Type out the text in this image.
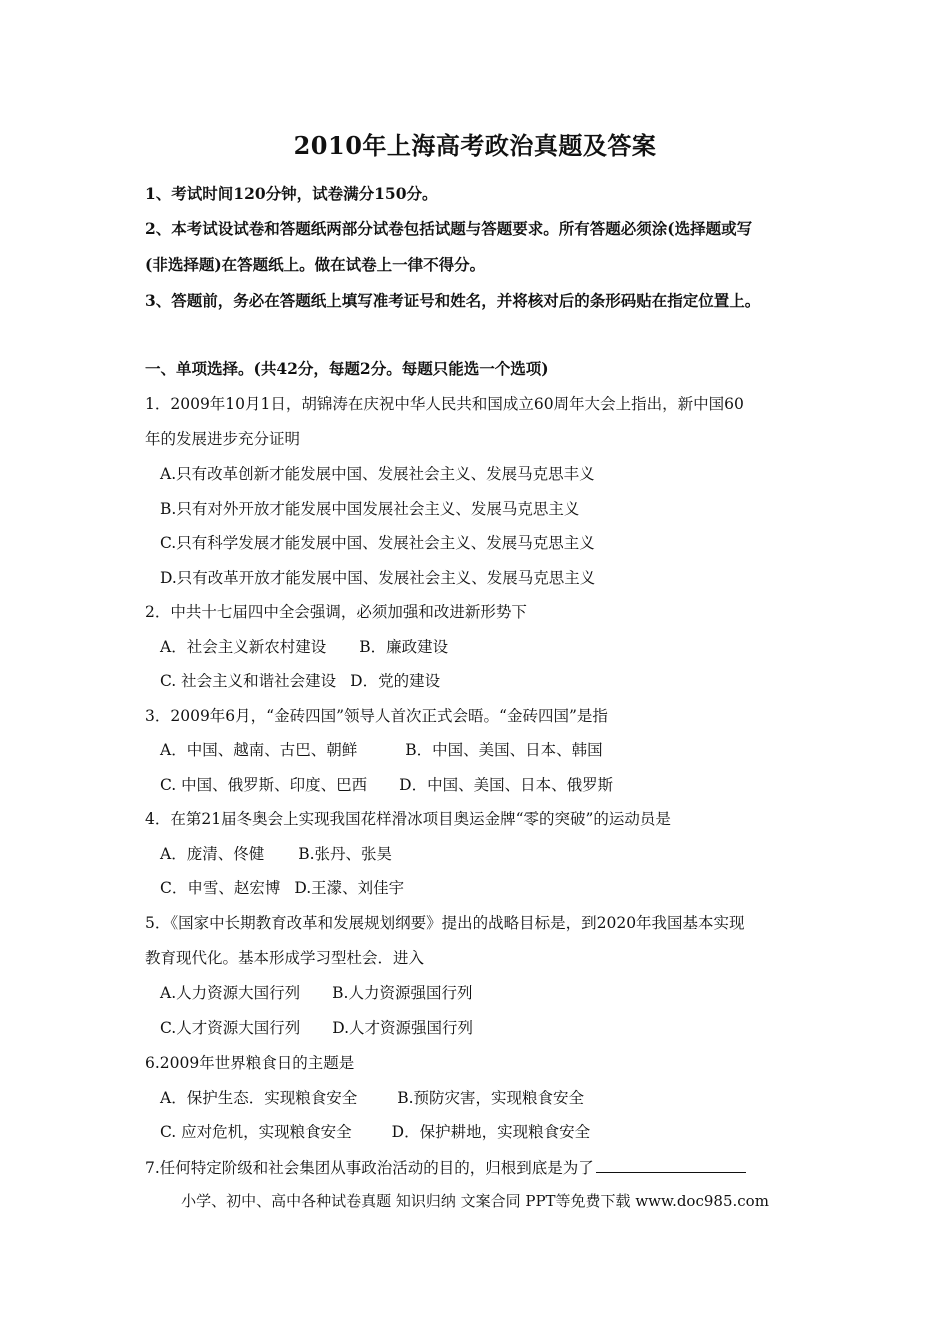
2010年上海高考政治真题及答案
1、考试时间120分钟，试卷满分150分。
2、本考试设试卷和答题纸两部分试卷包括试题与答题要求。所有答题必须涂(选择题或写
(非选择题)在答题纸上。做在试卷上一律不得分。
3、答题前，务必在答题纸上填写准考证号和姓名，并将核对后的条形码贴在指定位置上。
一、单项选择。(共42分，每题2分。每题只能选一个选项)
1．2009年10月1日，胡锦涛在庆祝中华人民共和国成立60周年大会上指出，新中国60
年的发展进步充分证明
A.只有改革创新才能发展中国、发展社会主义、发展马克思丰义
B.只有对外开放才能发展中国发展社会主义、发展马克思主义
C.只有科学发展才能发展中国、发展社会主义、发展马克思主义
D.只有改革开放才能发展中国、发展社会主义、发展马克思主义
2．中共十七届四中全会强调，必须加强和改进新形势下
A．社会主义新农村建设 B．廉政建设
C. 社会主义和谐社会建设 D．党的建设
3．2009年6月，“金砖四国”领导人首次正式会晤。“金砖四国”是指
A．中国、越南、古巴、朝鲜	B．中国、美国、日本、韩国
C. 中国、俄罗斯、印度、巴西 D．中国、美国、日本、俄罗斯
4．在第21届冬奥会上实现我国花样滑冰项目奥运金牌“零的突破”的运动员是
A．庞清、佟健 B.张丹、张昊
C．申雪、赵宏博 D.王濛、刘佳宇
5．《国家中长期教育改革和发展规划纲要》提出的战略目标是，到2020年我国基本实现
教育现代化。基本形成学习型杜会．进入
A.人力资源大国行列 B.人力资源强国行列
C.人才资源大国行列 D.人才资源强国行列
6.2009年世界粮食日的主题是
A．保护生态．实现粮食安全	B.预防灾害，实现粮食安全
C. 应对危机，实现粮食安全	D．保护耕地，实现粮食安全
7.任何特定阶级和社会集团从事政治活动的目的，归根到底是为了
小学、初中、高中各种试卷真题 知识归纳 文案合同 PPT等免费下载 www.doc985.com
